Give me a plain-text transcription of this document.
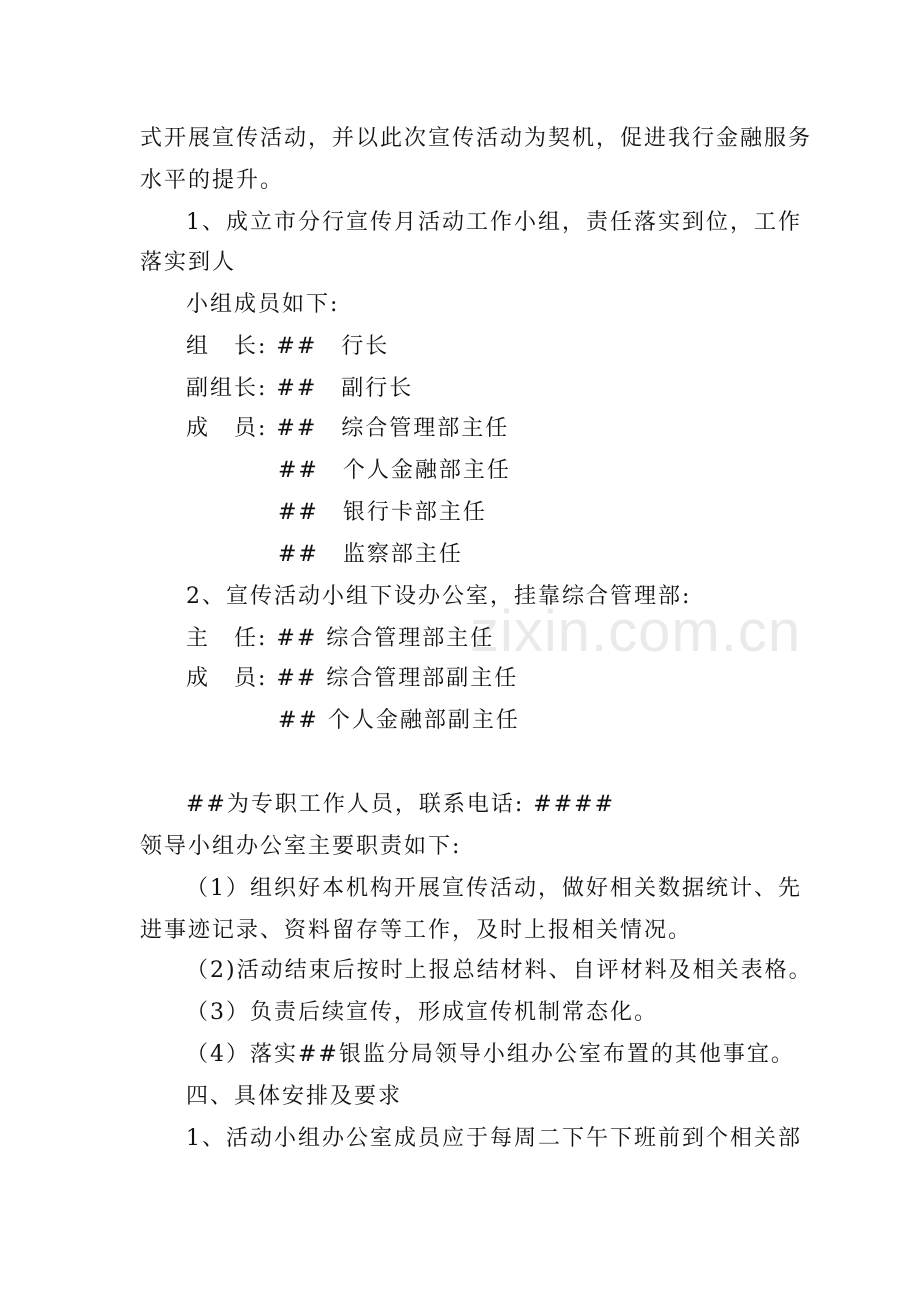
zixin.com.cn
式开展宣传活动，并以此次宣传活动为契机，促进我行金融服务
水平的提升。
1、成立市分行宣传月活动工作小组，责任落实到位，工作
落实到人
小组成员如下:
组　长: ##　行长
副组长: ##　副行长
成　员: ##　综合管理部主任
##　个人金融部主任
##　银行卡部主任
##　监察部主任
2、宣传活动小组下设办公室，挂靠综合管理部:
主　任: ## 综合管理部主任
成　员: ## 综合管理部副主任
## 个人金融部副主任
##为专职工作人员，联系电话: ####
领导小组办公室主要职责如下:
（1）组织好本机构开展宣传活动，做好相关数据统计、先
进事迹记录、资料留存等工作，及时上报相关情况。
（2)活动结束后按时上报总结材料、自评材料及相关表格。
（3）负责后续宣传，形成宣传机制常态化。
（4）落实##银监分局领导小组办公室布置的其他事宜。
四、具体安排及要求
1、活动小组办公室成员应于每周二下午下班前到个相关部
